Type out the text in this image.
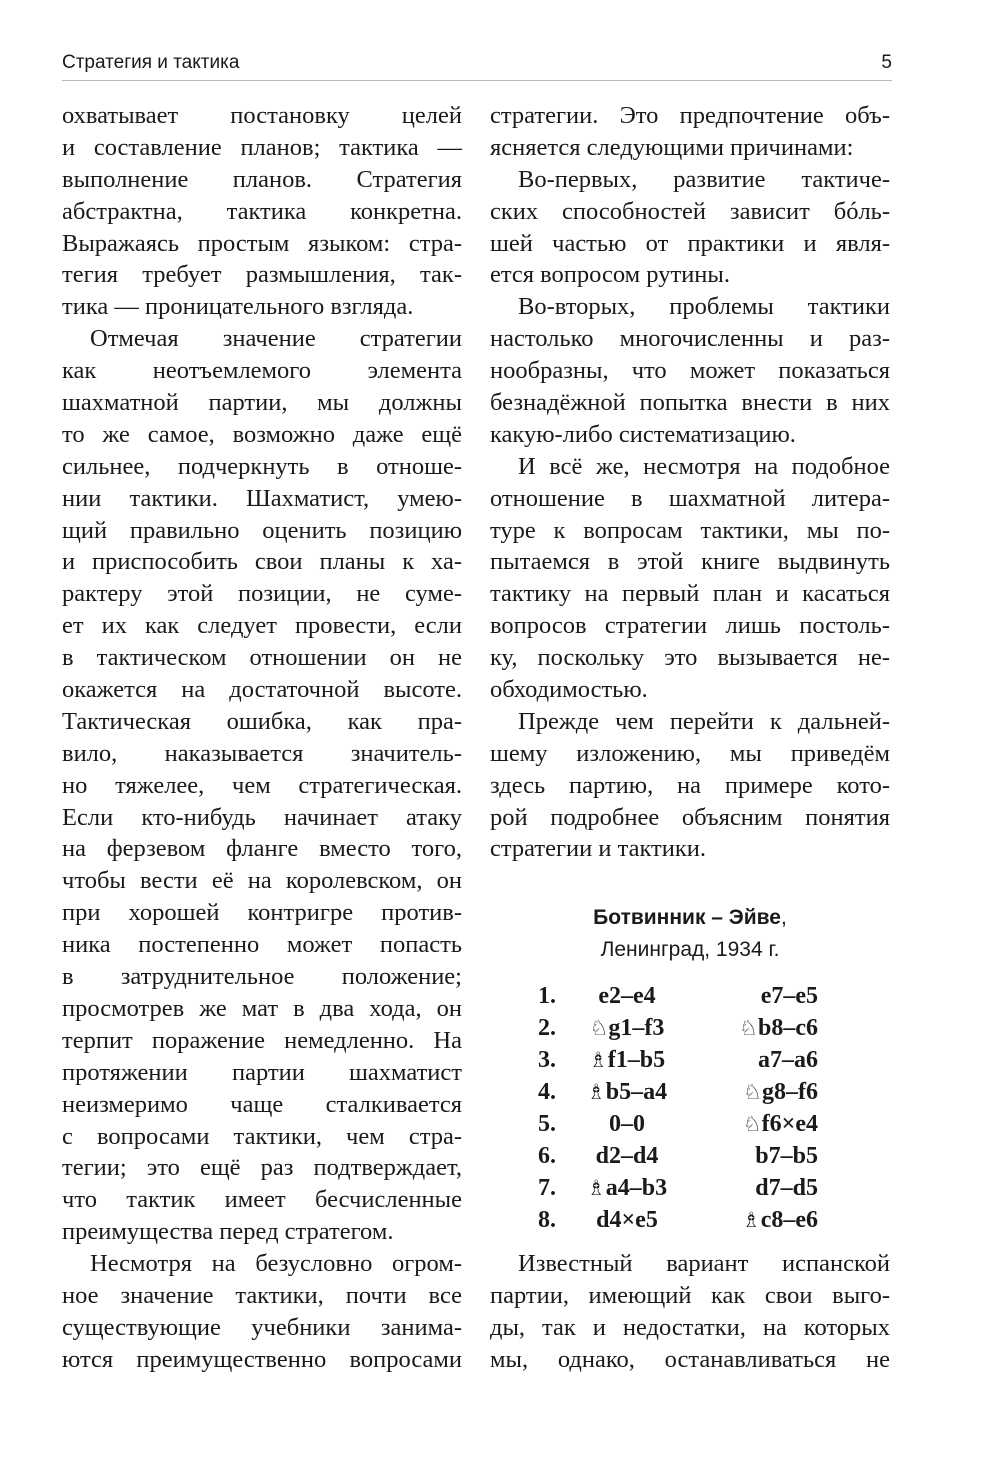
Стратегия и тактика	5
охватывает постановку целей
и составление планов; тактика —
выполнение планов. Стратегия
абстрактна, тактика конкретна.
Выражаясь простым языком: стра-
тегия требует размышления, так-
тика — проницательного взгляда.
Отмечая значение стратегии
как неотъемлемого элемента
шахматной партии, мы должны
то же самое, возможно даже ещё
сильнее, подчеркнуть в отноше-
нии тактики. Шахматист, умею-
щий правильно оценить позицию
и приспособить свои планы к ха-
рактеру этой позиции, не суме-
ет их как следует провести, если
в тактическом отношении он не
окажется на достаточной высоте.
Тактическая ошибка, как пра-
вило, наказывается значитель-
но тяжелее, чем стратегическая.
Если кто-нибудь начинает атаку
на ферзевом фланге вместо того,
чтобы вести её на королевском, он
при хорошей контригре против-
ника постепенно может попасть
в затруднительное положение;
просмотрев же мат в два хода, он
терпит поражение немедленно. На
протяжении партии шахматист
неизмеримо чаще сталкивается
с вопросами тактики, чем стра-
тегии; это ещё раз подтверждает,
что тактик имеет бесчисленные
преимущества перед стратегом.
Несмотря на безусловно огром-
ное значение тактики, почти все
существующие учебники занима-
ются преимущественно вопросами
стратегии. Это предпочтение объ-
ясняется следующими причинами:
Во-первых, развитие тактиче-
ских способностей зависит бóль-
шей частью от практики и явля-
ется вопросом рутины.
Во-вторых, проблемы тактики
настолько многочисленны и раз-
нообразны, что может показаться
безнадёжной попытка внести в них
какую-либо систематизацию.
И всё же, несмотря на подобное
отношение в шахматной литера-
туре к вопросам тактики, мы по-
пытаемся в этой книге выдвинуть
тактику на первый план и касаться
вопросов стратегии лишь постоль-
ку, поскольку это вызывается не-
обходимостью.
Прежде чем перейти к дальней-
шему изложению, мы приведём
здесь партию, на примере кото-
рой подробнее объясним понятия
стратегии и тактики.
Ботвинник – Эйве,
Ленинград, 1934 г.
1.	e2–e4	e7–e5
2.	♘g1–f3	♘b8–c6
3.	♗f1–b5	a7–a6
4.	♗b5–a4	♘g8–f6
5.	0–0	♘f6×e4
6.	d2–d4	b7–b5
7.	♗a4–b3	d7–d5
8.	d4×e5	♗c8–e6
Известный вариант испанской
партии, имеющий как свои выго-
ды, так и недостатки, на которых
мы, однако, останавливаться не
